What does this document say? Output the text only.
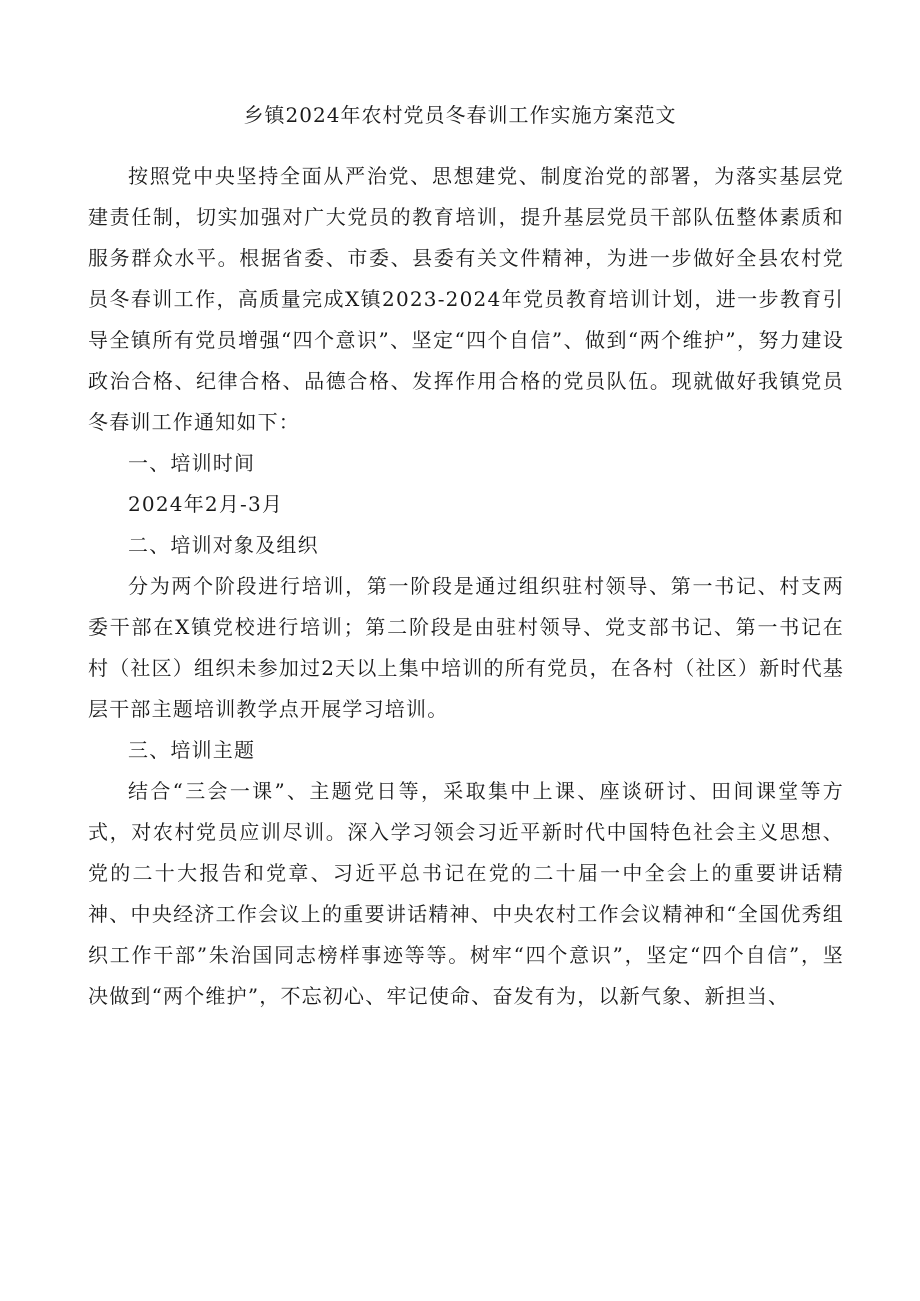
乡镇2024年农村党员冬春训工作实施方案范文

按照党中央坚持全面从严治党、思想建党、制度治党的部署，为落实基层党建责任制，切实加强对广大党员的教育培训，提升基层党员干部队伍整体素质和服务群众水平。根据省委、市委、县委有关文件精神，为进一步做好全县农村党员冬春训工作，高质量完成X镇2023-2024年党员教育培训计划，进一步教育引导全镇所有党员增强“四个意识”、坚定“四个自信”、做到“两个维护”，努力建设政治合格、纪律合格、品德合格、发挥作用合格的党员队伍。现就做好我镇党员冬春训工作通知如下：

一、培训时间

2024年2月-3月

二、培训对象及组织

分为两个阶段进行培训，第一阶段是通过组织驻村领导、第一书记、村支两委干部在X镇党校进行培训；第二阶段是由驻村领导、党支部书记、第一书记在村（社区）组织未参加过2天以上集中培训的所有党员，在各村（社区）新时代基层干部主题培训教学点开展学习培训。

三、培训主题

结合“三会一课”、主题党日等，采取集中上课、座谈研讨、田间课堂等方式，对农村党员应训尽训。深入学习领会习近平新时代中国特色社会主义思想、党的二十大报告和党章、习近平总书记在党的二十届一中全会上的重要讲话精神、中央经济工作会议上的重要讲话精神、中央农村工作会议精神和“全国优秀组织工作干部”朱治国同志榜样事迹等等。树牢“四个意识”，坚定“四个自信”，坚决做到“两个维护”，不忘初心、牢记使命、奋发有为，以新气象、新担当、
